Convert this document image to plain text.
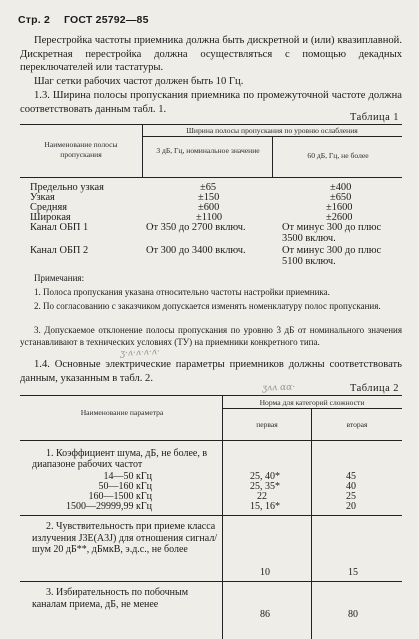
Стр. 2 ГОСТ 25792—85
Перестройка частоты приемника должна быть дискретной и (или) квазиплавной. Дискретная перестройка должна осуществляться с помощью декадных переключателей или тастатуры.
Шаг сетки рабочих частот должен быть 10 Гц.
1.3. Ширина полосы пропускания приемника по промежуточной частоте должна соответствовать данным табл. 1.
Таблица 1
Наименование полосы пропускания
Ширина полосы пропускания по уровню ослабления
3 дБ, Гц, номинальное значение
60 дБ, Гц, не более
Предельно узкая	±65	±400
Узкая	±150	±650
Средняя	±600	±1600
Широкая	±1100	±2600
Канал ОБП 1	От 350 до 2700 включ.	От минус 300 до плюс 3500 включ.
Канал ОБП 2	От 300 до 3400 включ.	От минус 300 до плюс 5100 включ.
Примечания:
1. Полоса пропускания указана относительно частоты настройки приемника.
2. По согласованию с заказчиком допускается изменять номенклатуру полос пропускания.
3. Допускаемое отклонение полосы пропускания по уровню 3 дБ от номинального значения устанавливают в технических условиях (ТУ) на приемники конкретного типа.
ʒ·ʌ·ʌ·ʌ·ʌ·
1.4. Основные электрические параметры приемников должны соответствовать данным, указанным в табл. 2.
ʒʌʌ ɑɑ·	Таблица 2
Наименование параметра
Норма для категорий сложности
первая	вторая
1. Коэффициент шума, дБ, не более, в диапазоне рабочих частот
14—50 кГц	25, 40*	45
50—160 кГц	25, 35*	40
160—1500 кГц	22	25
1500—29999,99 кГц	15, 16*	20
2. Чувствительность при приеме класса излучения J3E(A3J) для отношения сигнал/шум 20 дБ**, дБмкВ, э.д.с., не более
10	15
3. Избирательность по побочным каналам приема, дБ, не менее
86	80
